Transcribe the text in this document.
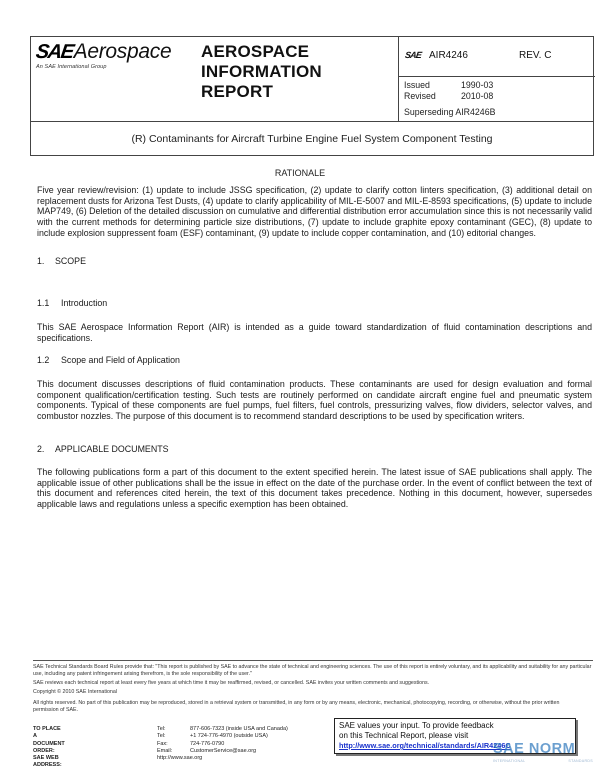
SAE Aerospace
An SAE International Group
AEROSPACE
INFORMATION
REPORT
SAE AIR4246	REV. C
Issued	1990-03
Revised	2010-08
Superseding AIR4246B
(R) Contaminants for Aircraft Turbine Engine Fuel System Component Testing
RATIONALE
Five year review/revision: (1) update to include JSSG specification, (2) update to clarify cotton linters specification, (3) additional detail on replacement dusts for Arizona Test Dusts, (4) update to clarify applicability of MIL-E-5007 and MIL-E-8593 specifications, (5) update to include MAP749, (6) Deletion of the detailed discussion on cumulative and differential distribution error accumulation since this is not necessarily valid with the current methods for determining particle size distributions, (7) update to include graphite epoxy contaminant (GEC), (8) update to include explosion suppressent foam (ESF) contaminant, (9) update to include copper contamination, and (10) editorial changes.
1. SCOPE
1.1 Introduction
This SAE Aerospace Information Report (AIR) is intended as a guide toward standardization of fluid contamination descriptions and specifications.
1.2 Scope and Field of Application
This document discusses descriptions of fluid contamination products. These contaminants are used for design evaluation and formal component qualification/certification testing. Such tests are routinely performed on candidate aircraft engine fuel and pneumatic system components. Typical of these components are fuel pumps, fuel filters, fuel controls, pressurizing valves, flow dividers, selector valves, and combustor nozzles. The purpose of this document is to recommend standard descriptions to be used by specification writers.
2. APPLICABLE DOCUMENTS
The following publications form a part of this document to the extent specified herein. The latest issue of SAE publications shall apply. The applicable issue of other publications shall be the issue in effect on the date of the purchase order. In the event of conflict between the text of this document and references cited herein, the text of this document takes precedence. Nothing in this document, however, supersedes applicable laws and regulations unless a specific exemption has been obtained.
SAE Technical Standards Board Rules provide that: "This report is published by SAE to advance the state of technical and engineering sciences. The use of this report is entirely voluntary, and its applicability and suitability for any particular use, including any patent infringement arising therefrom, is the sole responsibility of the user."
SAE reviews each technical report at least every five years at which time it may be reaffirmed, revised, or cancelled. SAE invites your written comments and suggestions.
Copyright © 2010 SAE International
All rights reserved. No part of this publication may be reproduced, stored in a retrieval system or transmitted, in any form or by any means, electronic, mechanical, photocopying, recording, or otherwise, without the prior written permission of SAE.
TO PLACE A DOCUMENT ORDER:
Tel:	877-606-7323 (inside USA and Canada)
Tel:	+1 724-776-4970 (outside USA)
Fax:	724-776-0790
Email:	CustomerService@sae.org
SAE WEB ADDRESS:
http://www.sae.org
SAE values your input. To provide feedback
on this Technical Report, please visit
http://www.sae.org/technical/standards/AIR4246C
SAE NORM
INTERNATIONAL	STANDARDS
